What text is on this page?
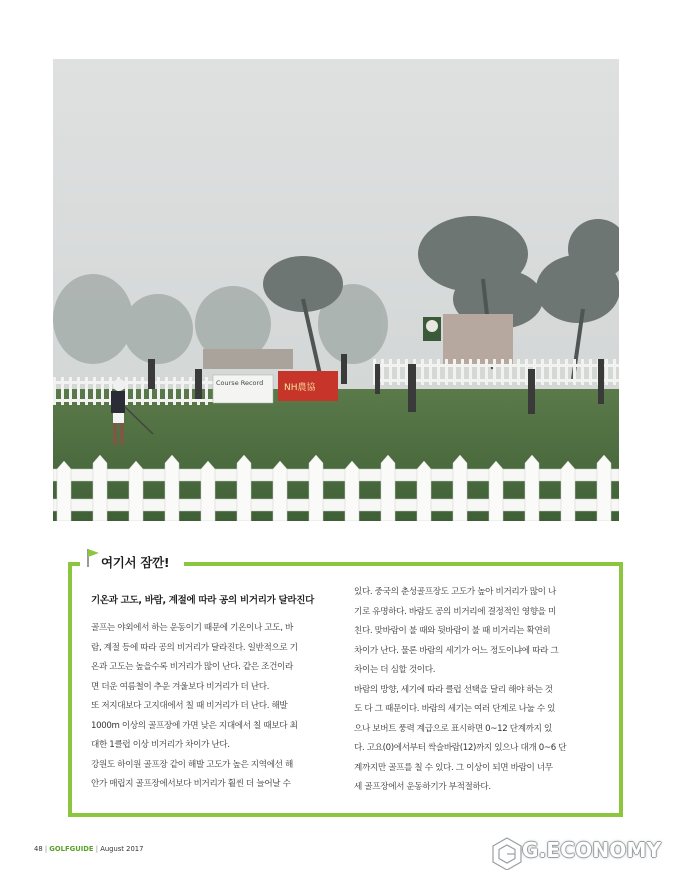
Course Record NH農協
여기서 잠깐!
기온과 고도, 바람, 계절에 따라 공의 비거리가 달라진다

골프는 야외에서 하는 운동이기 때문에 기온이나 고도, 바

람, 계절 등에 따라 공의 비거리가 달라진다. 일반적으로 기

온과 고도는 높을수록 비거리가 많이 난다. 같은 조건이라

면 더운 여름철이 추운 겨울보다 비거리가 더 난다.

또 저지대보다 고지대에서 칠 때 비거리가 더 난다. 해발

1000m 이상의 골프장에 가면 낮은 지대에서 칠 때보다 최

대한 1클럽 이상 비거리가 차이가 난다.

강원도 하이원 골프장 같이 해발 고도가 높은 지역에선 해

안가 매립지 골프장에서보다 비거리가 훨씬 더 늘어날 수

있다. 중국의 춘성골프장도 고도가 높아 비거리가 많이 나

기로 유명하다. 바람도 공의 비거리에 결정적인 영향을 미

친다. 맞바람이 불 때와 뒷바람이 불 때 비거리는 확연히

차이가 난다. 물론 바람의 세기가 어느 정도이냐에 따라 그

차이는 더 심할 것이다.

바람의 방향, 세기에 따라 클럽 선택을 달리 해야 하는 것

도 다 그 때문이다. 바람의 세기는 여러 단계로 나눌 수 있

으나 보버트 풍력 계급으로 표시하면 0~12 단계까지 있

다. 고요(0)에서부터 싹슬바람(12)까지 있으나 대개 0~6 단

계까지만 골프를 칠 수 있다. 그 이상이 되면 바람이 너무

세 골프장에서 운동하기가 부적절하다.

48 | GOLFGUIDE | August 2017	G.ECONOMY
